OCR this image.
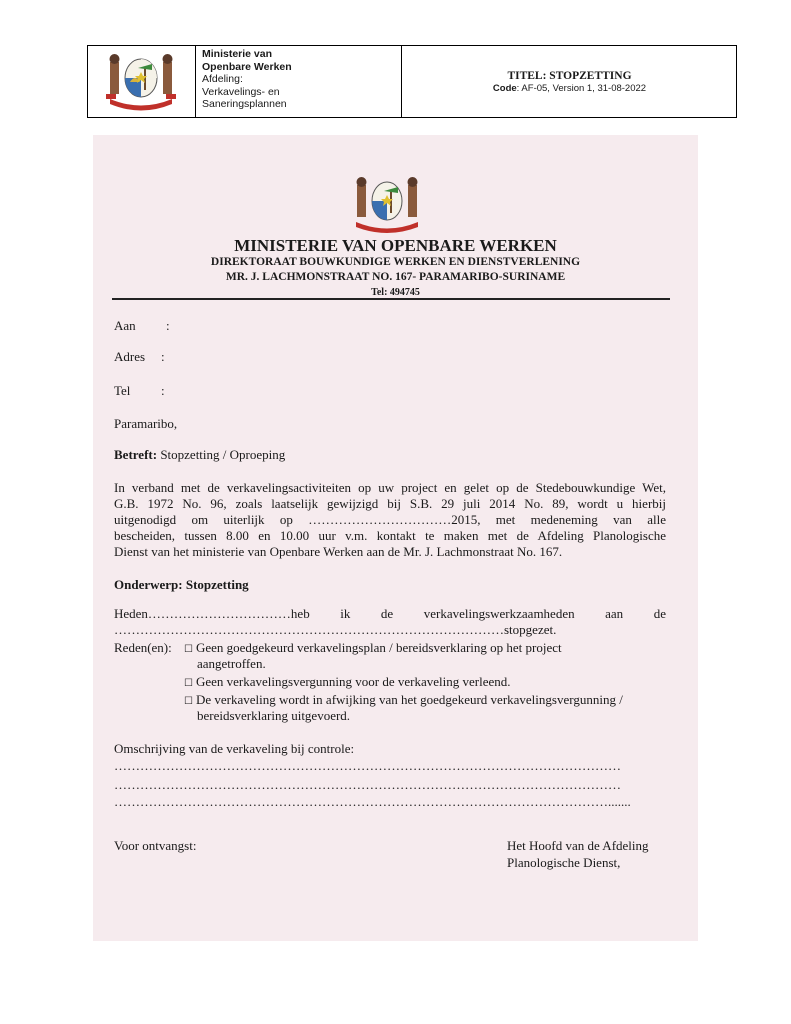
Ministerie van
Openbare Werken
Afdeling:
Verkavelings- en
Saneringsplannen
TITEL: STOPZETTING
Code: AF-05, Version 1, 31-08-2022
MINISTERIE VAN OPENBARE WERKEN
DIREKTORAAT BOUWKUNDIGE WERKEN EN DIENSTVERLENING
MR. J. LACHMONSTRAAT NO. 167- PARAMARIBO-SURINAME
Tel: 494745
Aan :
Adres :
Tel :
Paramaribo,
Betreft: Stopzetting / Oproeping
In verband met de verkavelingsactiviteiten op uw project en gelet op de Stedebouwkundige Wet,
G.B. 1972 No. 96, zoals laatselijk gewijzigd bij S.B. 29 juli 2014 No. 89, wordt u hierbij
uitgenodigd om uiterlijk op ……………………………2015, met medeneming van alle
bescheiden, tussen 8.00 en 10.00 uur v.m. kontakt te maken met de Afdeling Planologische
Dienst van het ministerie van Openbare Werken aan de Mr. J. Lachmonstraat No. 167.
Onderwerp: Stopzetting
Heden……………………………heb ik de verkavelingswerkzaamheden aan de
………………………………………………………………………………stopgezet.
Reden(en): ☐ Geen goedgekeurd verkavelingsplan / bereidsverklaring op het project
aangetroffen.
☐ Geen verkavelingsvergunning voor de verkaveling verleend.
☐ De verkaveling wordt in afwijking van het goedgekeurd verkavelingsvergunning /
bereidsverklaring uitgevoerd.
Omschrijving van de verkaveling bij controle:
………………………………………………………………………………………………………
………………………………………………………………………………………………………
…………………………………………………………………………………………………….......
Voor ontvangst:	Het Hoofd van de Afdeling
Planologische Dienst,
